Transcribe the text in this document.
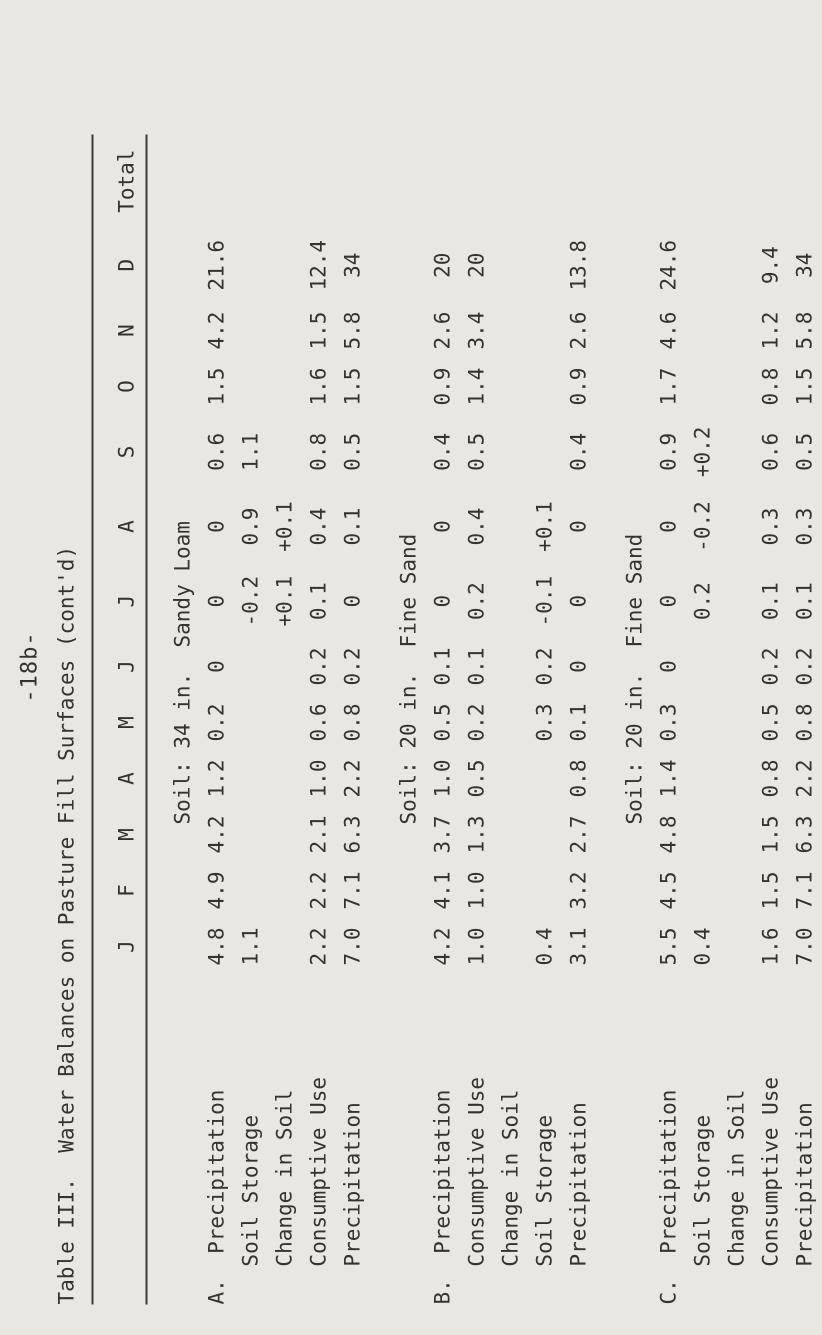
-18b- Table III.  Water Balances on Pasture Fill Surfaces (cont'd)
	J	F	M	A	M	J	J	A	S	O	N	D	Total

Soil: 34 in.  Sandy Loam													
A.  Precipitation	4.8	4.9	4.2	1.2	0.2	0	0	0	0.6	1.5	4.2	21.6	
Soil Storage	1.1						-0.2	0.9	1.1				
Change in Soil							+0.1	+0.1					
Consumptive Use	2.2	2.2	2.1	1.0	0.6	0.2	0.1	0.4	0.8	1.6	1.5	12.4	
Precipitation	7.0	7.1	6.3	2.2	0.8	0.2	0	0.1	0.5	1.5	5.8	34	

Soil: 20 in.  Fine Sand													
B.  Precipitation	4.2	4.1	3.7	1.0	0.5	0.1	0	0	0.4	0.9	2.6	20	
Consumptive Use	1.0	1.0	1.3	0.5	0.2	0.1	0.2	0.4	0.5	1.4	3.4	20	
Change in Soil													
Soil Storage	0.4				0.3	0.2	-0.1	+0.1					
Precipitation	3.1	3.2	2.7	0.8	0.1	0	0	0	0.4	0.9	2.6	13.8	

Soil: 20 in.  Fine Sand													
C.  Precipitation	5.5	4.5	4.8	1.4	0.3	0	0	0	0.9	1.7	4.6	24.6	
Soil Storage	0.4						0.2	-0.2	+0.2				
Change in Soil													
Consumptive Use	1.6	1.5	1.5	0.8	0.5	0.2	0.1	0.3	0.6	0.8	1.2	9.4	
Precipitation	7.0	7.1	6.3	2.2	0.8	0.2	0.1	0.3	0.5	1.5	5.8	34	
